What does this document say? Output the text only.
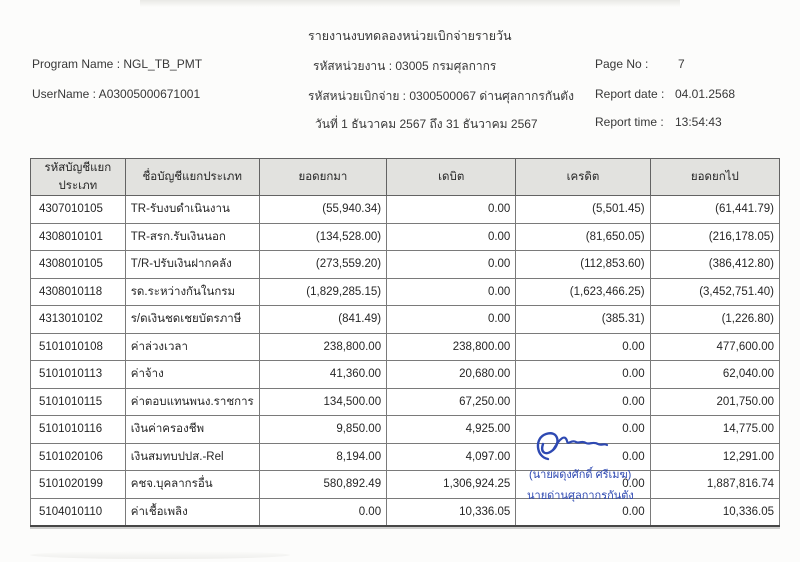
รายงานงบทดลองหน่วยเบิกจ่ายรายวัน
Program Name : NGL_TB_PMT	รหัสหน่วยงาน : 03005 กรมศุลกากร	Page No : 7
UserName : A03005000671001	รหัสหน่วยเบิกจ่าย : 0300500067 ด่านศุลกากรกันตัง Report date : 04.01.2568
วันที่ 1 ธันวาคม 2567 ถึง 31 ธันวาคม 2567	Report time : 13:54:43
รหัสบัญชีแยกประเภท	ชื่อบัญชีแยกประเภท	ยอดยกมา	เดบิต	เครดิต	ยอดยกไป
4307010105	TR-รับงบดำเนินงาน	(55,940.34)	0.00	(5,501.45)	(61,441.79)
4308010101	TR-สรก.รับเงินนอก	(134,528.00)	0.00	(81,650.05)	(216,178.05)
4308010105	T/R-ปรับเงินฝากคลัง	(273,559.20)	0.00	(112,853.60)	(386,412.80)
4308010118	รด.ระหว่างกันในกรม	(1,829,285.15)	0.00	(1,623,466.25)	(3,452,751.40)
4313010102	ร/ดเงินชดเชยบัตรภาษี	(841.49)	0.00	(385.31)	(1,226.80)
5101010108	ค่าล่วงเวลา	238,800.00	238,800.00	0.00	477,600.00
5101010113	ค่าจ้าง	41,360.00	20,680.00	0.00	62,040.00
5101010115	ค่าตอบแทนพนง.ราชการ	134,500.00	67,250.00	0.00	201,750.00
5101010116	เงินค่าครองชีพ	9,850.00	4,925.00	0.00	14,775.00
5101020106	เงินสมทบปปส.-Rel	8,194.00	4,097.00	0.00	12,291.00
5101020199	คชจ.บุคลากรอื่น	580,892.49	1,306,924.25	0.00	1,887,816.74
5104010110	ค่าเชื้อเพลิง	0.00	10,336.05	0.00	10,336.05
(นายผดุงศักดิ์ ศรีเมฆ)
นายด่านศุลกากรกันตัง
